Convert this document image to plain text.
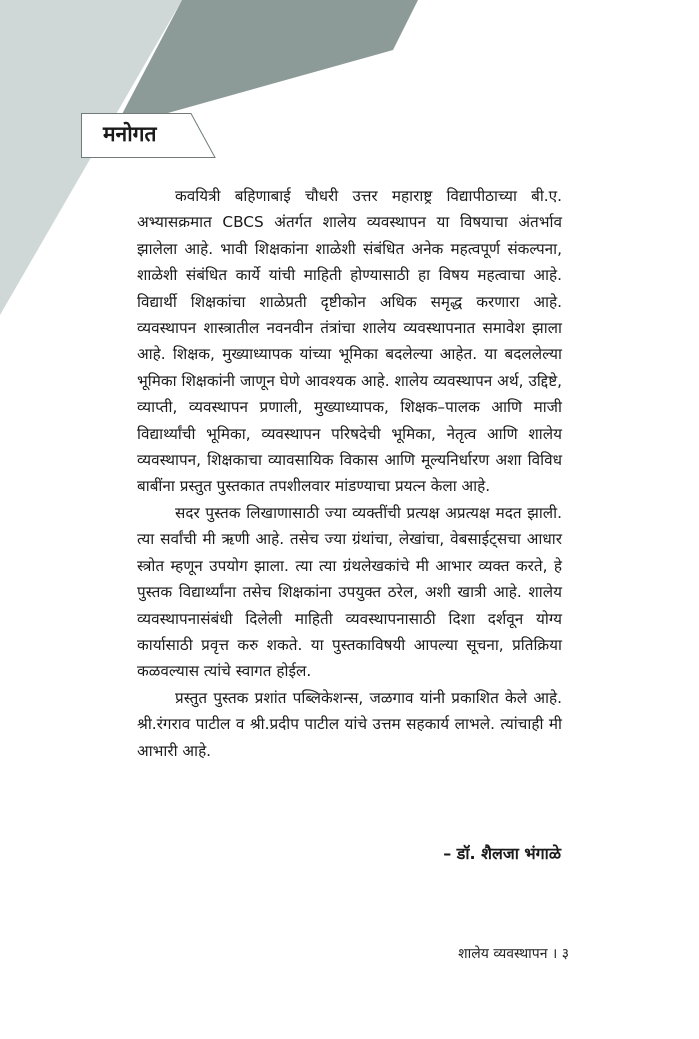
मनोगत

कवयित्री बहिणाबाई चौधरी उत्तर महाराष्ट्र विद्यापीठाच्या बी.ए. अभ्यासक्रमात CBCS अंतर्गत शालेय व्यवस्थापन या विषयाचा अंतर्भाव झालेला आहे. भावी शिक्षकांना शाळेशी संबंधित अनेक महत्वपूर्ण संकल्पना, शाळेशी संबंधित कार्ये यांची माहिती होण्यासाठी हा विषय महत्वाचा आहे. विद्यार्थी शिक्षकांचा शाळेप्रती दृष्टीकोन अधिक समृद्ध करणारा आहे. व्यवस्थापन शास्त्रातील नवनवीन तंत्रांचा शालेय व्यवस्थापनात समावेश झाला आहे. शिक्षक, मुख्याध्यापक यांच्या भूमिका बदलेल्या आहेत. या बदललेल्या भूमिका शिक्षकांनी जाणून घेणे आवश्यक आहे. शालेय व्यवस्थापन अर्थ, उद्दिष्टे, व्याप्ती, व्यवस्थापन प्रणाली, मुख्याध्यापक, शिक्षक–पालक आणि माजी विद्यार्थ्यांची भूमिका, व्यवस्थापन परिषदेची भूमिका, नेतृत्व आणि शालेय व्यवस्थापन, शिक्षकाचा व्यावसायिक विकास आणि मूल्यनिर्धारण अशा विविध बाबींना प्रस्तुत पुस्तकात तपशीलवार मांडण्याचा प्रयत्न केला आहे.

सदर पुस्तक लिखाणासाठी ज्या व्यक्तींची प्रत्यक्ष अप्रत्यक्ष मदत झाली. त्या सर्वांची मी ऋणी आहे. तसेच ज्या ग्रंथांचा, लेखांचा, वेबसाईट्सचा आधार स्त्रोत म्हणून उपयोग झाला. त्या त्या ग्रंथलेखकांचे मी आभार व्यक्त करते, हे पुस्तक विद्यार्थ्यांना तसेच शिक्षकांना उपयुक्त ठरेल, अशी खात्री आहे. शालेय व्यवस्थापनासंबंधी दिलेली माहिती व्यवस्थापनासाठी दिशा दर्शवून योग्य कार्यासाठी प्रवृत्त करु शकते. या पुस्तकाविषयी आपल्या सूचना, प्रतिक्रिया कळवल्यास त्यांचे स्वागत होईल.

प्रस्तुत पुस्तक प्रशांत पब्लिकेशन्स, जळगाव यांनी प्रकाशित केले आहे. श्री.रंगराव पाटील व श्री.प्रदीप पाटील यांचे उत्तम सहकार्य लाभले. त्यांचाही मी आभारी आहे.

– डॉ. शैलजा भंगाळे
शालेय व्यवस्थापन । ३
